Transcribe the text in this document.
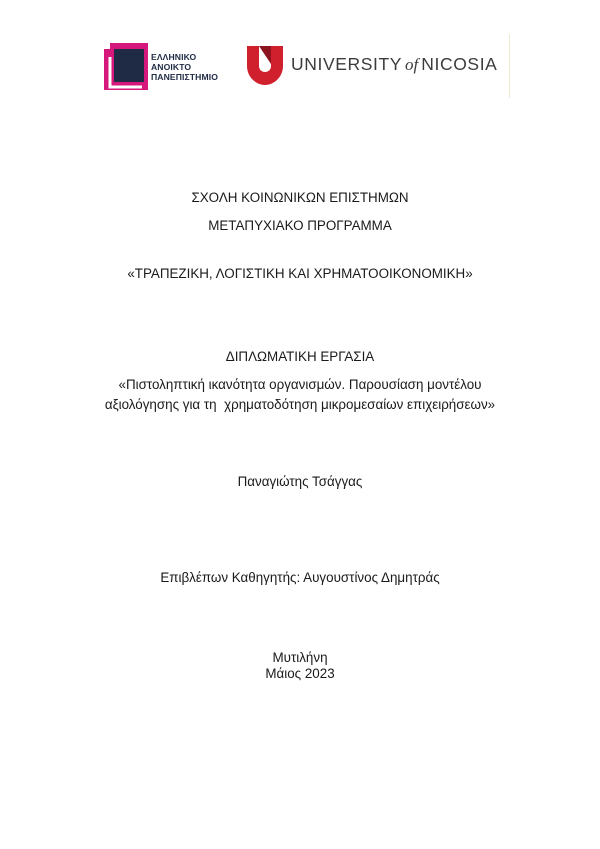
ΕΛΛΗΝΙΚΟ
ΑΝΟΙΚΤΟ
ΠΑΝΕΠΙΣΤΗΜΙΟ
UNIVERSITY of NICOSIA
ΣΧΟΛΗ ΚΟΙΝΩΝΙΚΩΝ ΕΠΙΣΤΗΜΩΝ
ΜΕΤΑΠΥΧΙΑΚΟ ΠΡΟΓΡΑΜΜΑ
«ΤΡΑΠΕΖΙΚΗ, ΛΟΓΙΣΤΙΚΗ ΚΑΙ ΧΡΗΜΑΤΟΟΙΚΟΝΟΜΙΚΗ»
ΔΙΠΛΩΜΑΤΙΚΗ ΕΡΓΑΣΙΑ
«Πιστοληπτική ικανότητα οργανισμών. Παρουσίαση μοντέλου
αξιολόγησης για τη  χρηματοδότηση μικρομεσαίων επιχειρήσεων»
Παναγιώτης Τσάγγας
Επιβλέπων Καθηγητής: Αυγουστίνος Δημητράς
Μυτιλήνη
Μάιος 2023
